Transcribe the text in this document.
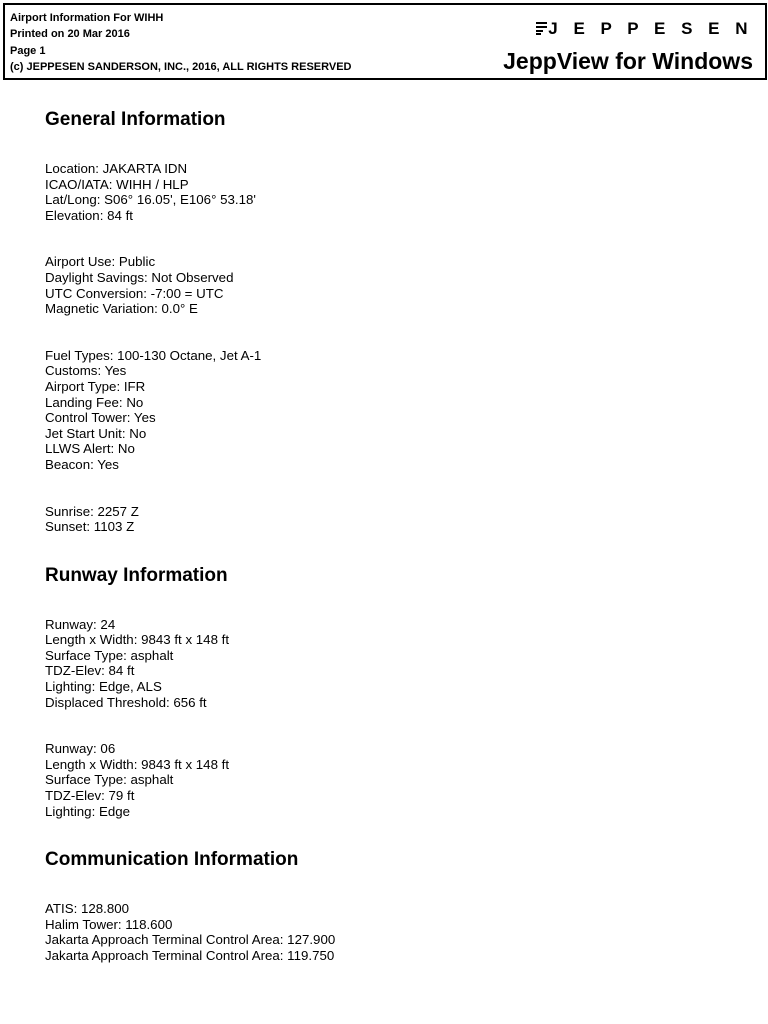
Airport Information For WIHH
Printed on 20 Mar 2016
Page 1
(c) JEPPESEN SANDERSON, INC., 2016, ALL RIGHTS RESERVED
J E P P E S E N
JeppView for Windows
General Information
Location: JAKARTA IDN
ICAO/IATA: WIHH / HLP
Lat/Long: S06° 16.05', E106° 53.18'
Elevation: 84 ft
Airport Use: Public
Daylight Savings: Not Observed
UTC Conversion: -7:00 = UTC
Magnetic Variation: 0.0° E
Fuel Types: 100-130 Octane, Jet A-1
Customs: Yes
Airport Type: IFR
Landing Fee: No
Control Tower: Yes
Jet Start Unit: No
LLWS Alert: No
Beacon: Yes
Sunrise: 2257 Z
Sunset: 1103 Z
Runway Information
Runway: 24
Length x Width: 9843 ft x 148 ft
Surface Type: asphalt
TDZ-Elev: 84 ft
Lighting: Edge, ALS
Displaced Threshold: 656 ft
Runway: 06
Length x Width: 9843 ft x 148 ft
Surface Type: asphalt
TDZ-Elev: 79 ft
Lighting: Edge
Communication Information
ATIS: 128.800
Halim Tower: 118.600
Jakarta Approach Terminal Control Area: 127.900
Jakarta Approach Terminal Control Area: 119.750
